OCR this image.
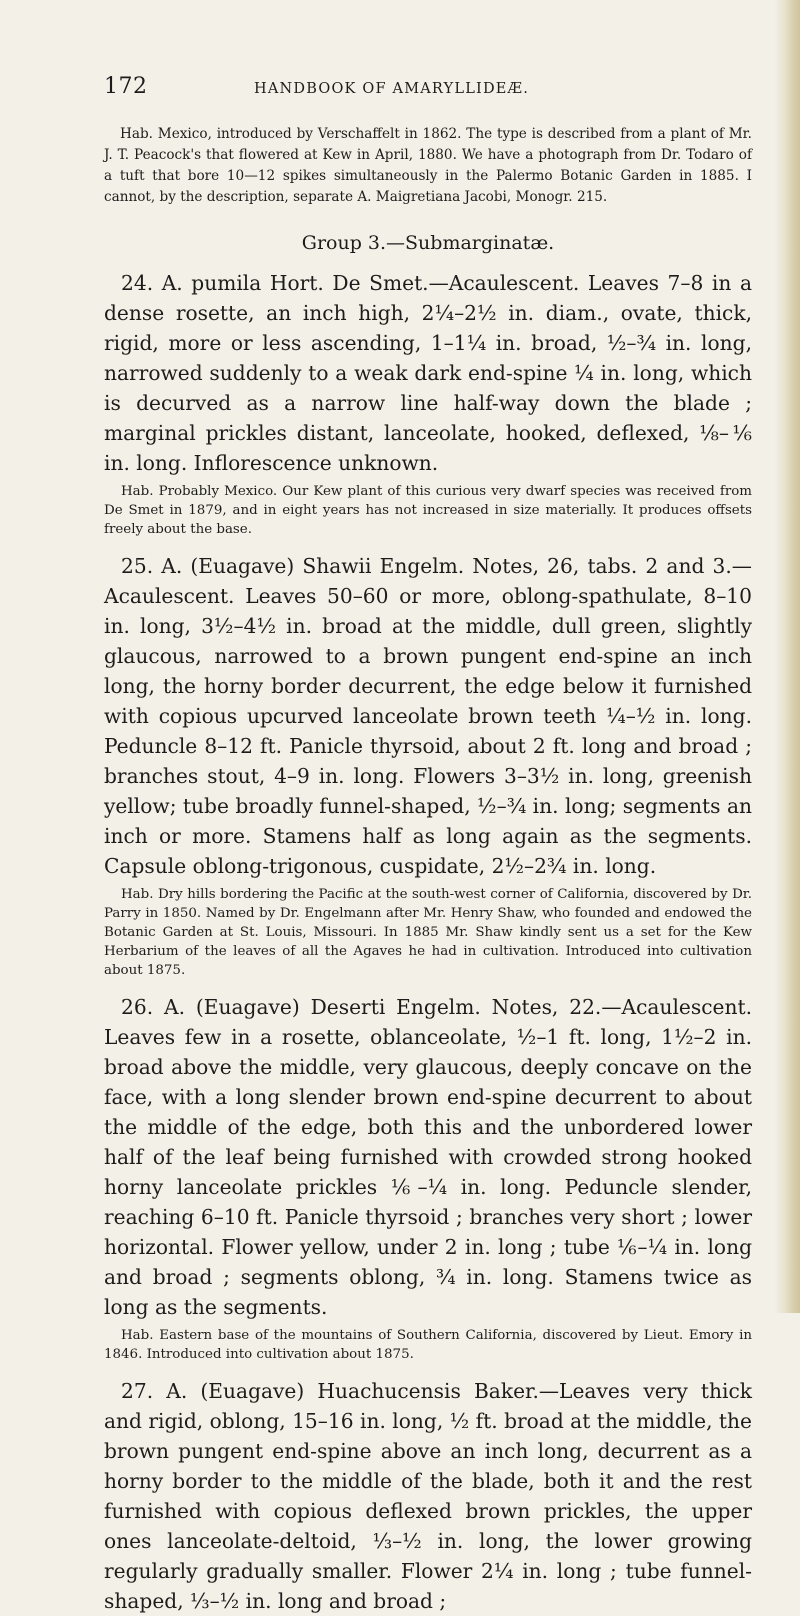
172	HANDBOOK OF AMARYLLIDEÆ.

Hab. Mexico, introduced by Verschaffelt in 1862. The type is described from a plant of Mr. J. T. Peacock's that flowered at Kew in April, 1880. We have a photograph from Dr. Todaro of a tuft that bore 10—12 spikes simultaneously in the Palermo Botanic Garden in 1885. I cannot, by the description, separate A. Maigretiana Jacobi, Monogr. 215.

Group 3.—Submarginatæ.

24. A. pumila Hort. De Smet.—Acaulescent. Leaves 7–8 in a dense rosette, an inch high, 2¼–2½ in. diam., ovate, thick, rigid, more or less ascending, 1–1¼ in. broad, ½–¾ in. long, narrowed suddenly to a weak dark end-spine ¼ in. long, which is decurved as a narrow line half-way down the blade ; marginal prickles distant, lanceolate, hooked, deflexed, ⅛–⅙ in. long. Inflorescence unknown.

Hab. Probably Mexico. Our Kew plant of this curious very dwarf species was received from De Smet in 1879, and in eight years has not increased in size materially. It produces offsets freely about the base.

25. A. (Euagave) Shawii Engelm. Notes, 26, tabs. 2 and 3.—Acaulescent. Leaves 50–60 or more, oblong-spathulate, 8–10 in. long, 3½–4½ in. broad at the middle, dull green, slightly glaucous, narrowed to a brown pungent end-spine an inch long, the horny border decurrent, the edge below it furnished with copious upcurved lanceolate brown teeth ¼–½ in. long. Peduncle 8–12 ft. Panicle thyrsoid, about 2 ft. long and broad ; branches stout, 4–9 in. long. Flowers 3–3½ in. long, greenish yellow; tube broadly funnel-shaped, ½–¾ in. long; segments an inch or more. Stamens half as long again as the segments. Capsule oblong-trigonous, cuspidate, 2½–2¾ in. long.

Hab. Dry hills bordering the Pacific at the south-west corner of California, discovered by Dr. Parry in 1850. Named by Dr. Engelmann after Mr. Henry Shaw, who founded and endowed the Botanic Garden at St. Louis, Missouri. In 1885 Mr. Shaw kindly sent us a set for the Kew Herbarium of the leaves of all the Agaves he had in cultivation. Introduced into cultivation about 1875.

26. A. (Euagave) Deserti Engelm. Notes, 22.—Acaulescent. Leaves few in a rosette, oblanceolate, ½–1 ft. long, 1½–2 in. broad above the middle, very glaucous, deeply concave on the face, with a long slender brown end-spine decurrent to about the middle of the edge, both this and the unbordered lower half of the leaf being furnished with crowded strong hooked horny lanceolate prickles ⅙–¼ in. long. Peduncle slender, reaching 6–10 ft. Panicle thyrsoid ; branches very short ; lower horizontal. Flower yellow, under 2 in. long ; tube ⅙–¼ in. long and broad ; segments oblong, ¾ in. long. Stamens twice as long as the segments.

Hab. Eastern base of the mountains of Southern California, discovered by Lieut. Emory in 1846. Introduced into cultivation about 1875.

27. A. (Euagave) Huachucensis Baker.—Leaves very thick and rigid, oblong, 15–16 in. long, ½ ft. broad at the middle, the brown pungent end-spine above an inch long, decurrent as a horny border to the middle of the blade, both it and the rest furnished with copious deflexed brown prickles, the upper ones lanceolate-deltoid, ⅓–½ in. long, the lower growing regularly gradually smaller. Flower 2¼ in. long ; tube funnel-shaped, ⅓–½ in. long and broad ;
